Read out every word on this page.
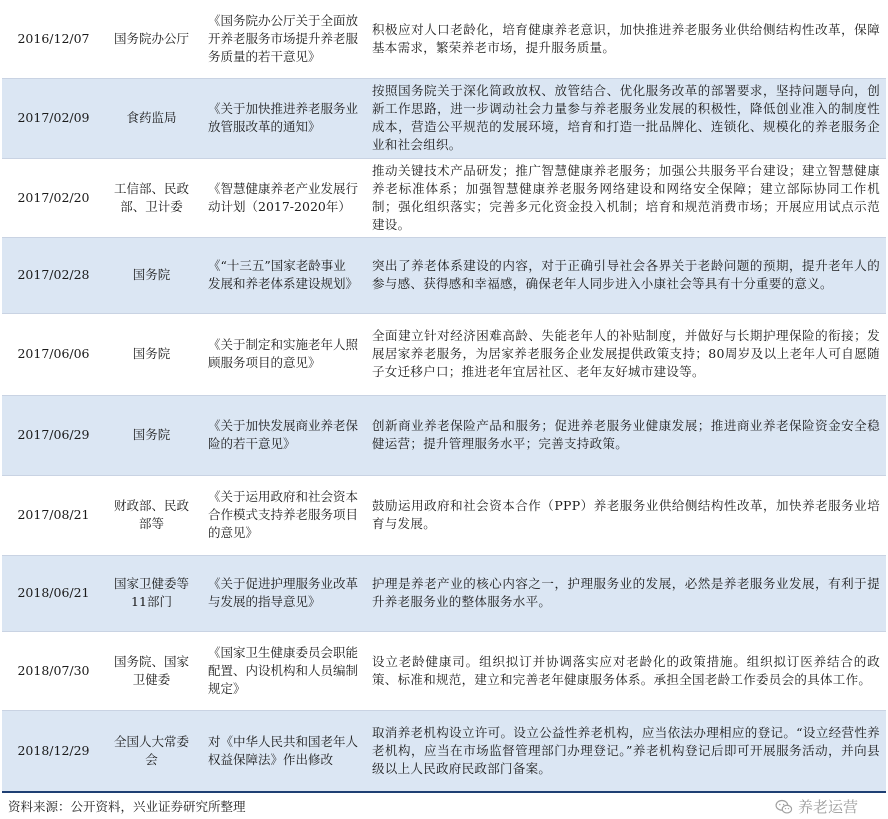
2016/12/07	国务院办公厅	《国务院办公厅关于全面放开养老服务市场提升养老服务质量的若干意见》	积极应对人口老龄化，培育健康养老意识，加快推进养老服务业供给侧结构性改革，保障基本需求，繁荣养老市场，提升服务质量。
2017/02/09	食药监局	《关于加快推进养老服务业放管服改革的通知》	按照国务院关于深化简政放权、放管结合、优化服务改革的部署要求，坚持问题导向，创新工作思路，进一步调动社会力量参与养老服务业发展的积极性，降低创业准入的制度性成本，营造公平规范的发展环境，培育和打造一批品牌化、连锁化、规模化的养老服务企业和社会组织。
2017/02/20	工信部、民政部、卫计委	《智慧健康养老产业发展行动计划（2017-2020年）	推动关键技术产品研发；推广智慧健康养老服务；加强公共服务平台建设；建立智慧健康养老标准体系；加强智慧健康养老服务网络建设和网络安全保障；建立部际协同工作机制；强化组织落实；完善多元化资金投入机制；培育和规范消费市场；开展应用试点示范建设。
2017/02/28	国务院	《“十三五”国家老龄事业发展和养老体系建设规划》	突出了养老体系建设的内容，对于正确引导社会各界关于老龄问题的预期，提升老年人的参与感、获得感和幸福感，确保老年人同步进入小康社会等具有十分重要的意义。
2017/06/06	国务院	《关于制定和实施老年人照顾服务项目的意见》	全面建立针对经济困难高龄、失能老年人的补贴制度，并做好与长期护理保险的衔接；发展居家养老服务，为居家养老服务企业发展提供政策支持；80周岁及以上老年人可自愿随子女迁移户口；推进老年宜居社区、老年友好城市建设等。
2017/06/29	国务院	《关于加快发展商业养老保险的若干意见》	创新商业养老保险产品和服务；促进养老服务业健康发展；推进商业养老保险资金安全稳健运营；提升管理服务水平；完善支持政策。
2017/08/21	财政部、民政部等	《关于运用政府和社会资本合作模式支持养老服务项目的意见》	鼓励运用政府和社会资本合作（PPP）养老服务业供给侧结构性改革，加快养老服务业培育与发展。
2018/06/21	国家卫健委等11部门	《关于促进护理服务业改革与发展的指导意见》	护理是养老产业的核心内容之一，护理服务业的发展，必然是养老服务业发展，有利于提升养老服务业的整体服务水平。
2018/07/30	国务院、国家卫健委	《国家卫生健康委员会职能配置、内设机构和人员编制规定》	设立老龄健康司。组织拟订并协调落实应对老龄化的政策措施。组织拟订医养结合的政策、标准和规范，建立和完善老年健康服务体系。承担全国老龄工作委员会的具体工作。
2018/12/29	全国人大常委会	对《中华人民共和国老年人权益保障法》作出修改	取消养老机构设立许可。设立公益性养老机构，应当依法办理相应的登记。“设立经营性养老机构，应当在市场监督管理部门办理登记。”养老机构登记后即可开展服务活动，并向县级以上人民政府民政部门备案。
资料来源：公开资料，兴业证券研究所整理	养老运营
